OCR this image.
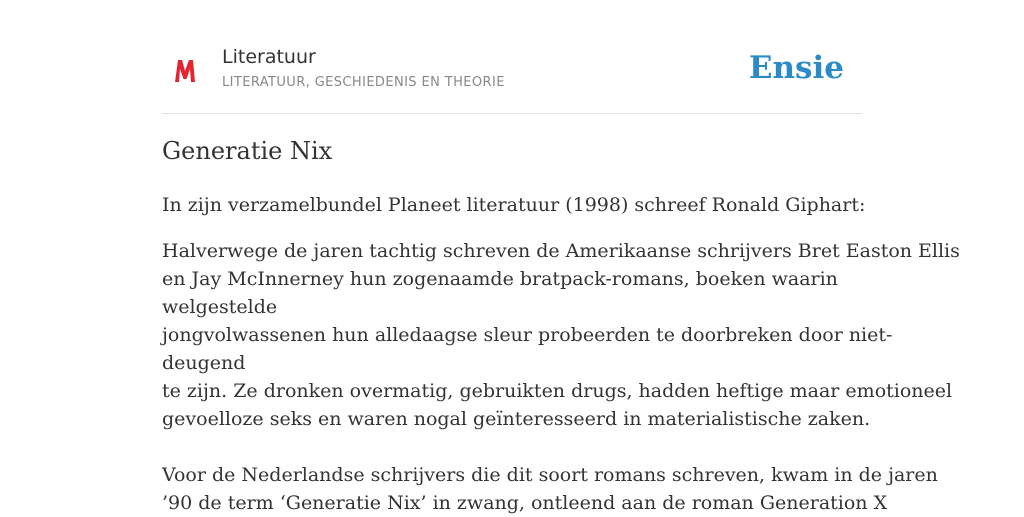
Literatuur
LITERATUUR, GESCHIEDENIS EN THEORIE	Ensie
Generatie Nix

In zijn verzamelbundel Planeet literatuur (1998) schreef Ronald Giphart:

Halverwege de jaren tachtig schreven de Amerikaanse schrijvers Bret Easton Ellis
en Jay McInnerney hun zogenaamde bratpack-romans, boeken waarin
welgestelde
jongvolwassenen hun alledaagse sleur probeerden te doorbreken door niet-
deugend
te zijn. Ze dronken overmatig, gebruikten drugs, hadden heftige maar emotioneel
gevoelloze seks en waren nogal geïnteresseerd in materialistische zaken.
Voor de Nederlandse schrijvers die dit soort romans schreven, kwam in de jaren
’90 de term ‘Generatie Nix’ in zwang, ontleend aan de roman Generation X
